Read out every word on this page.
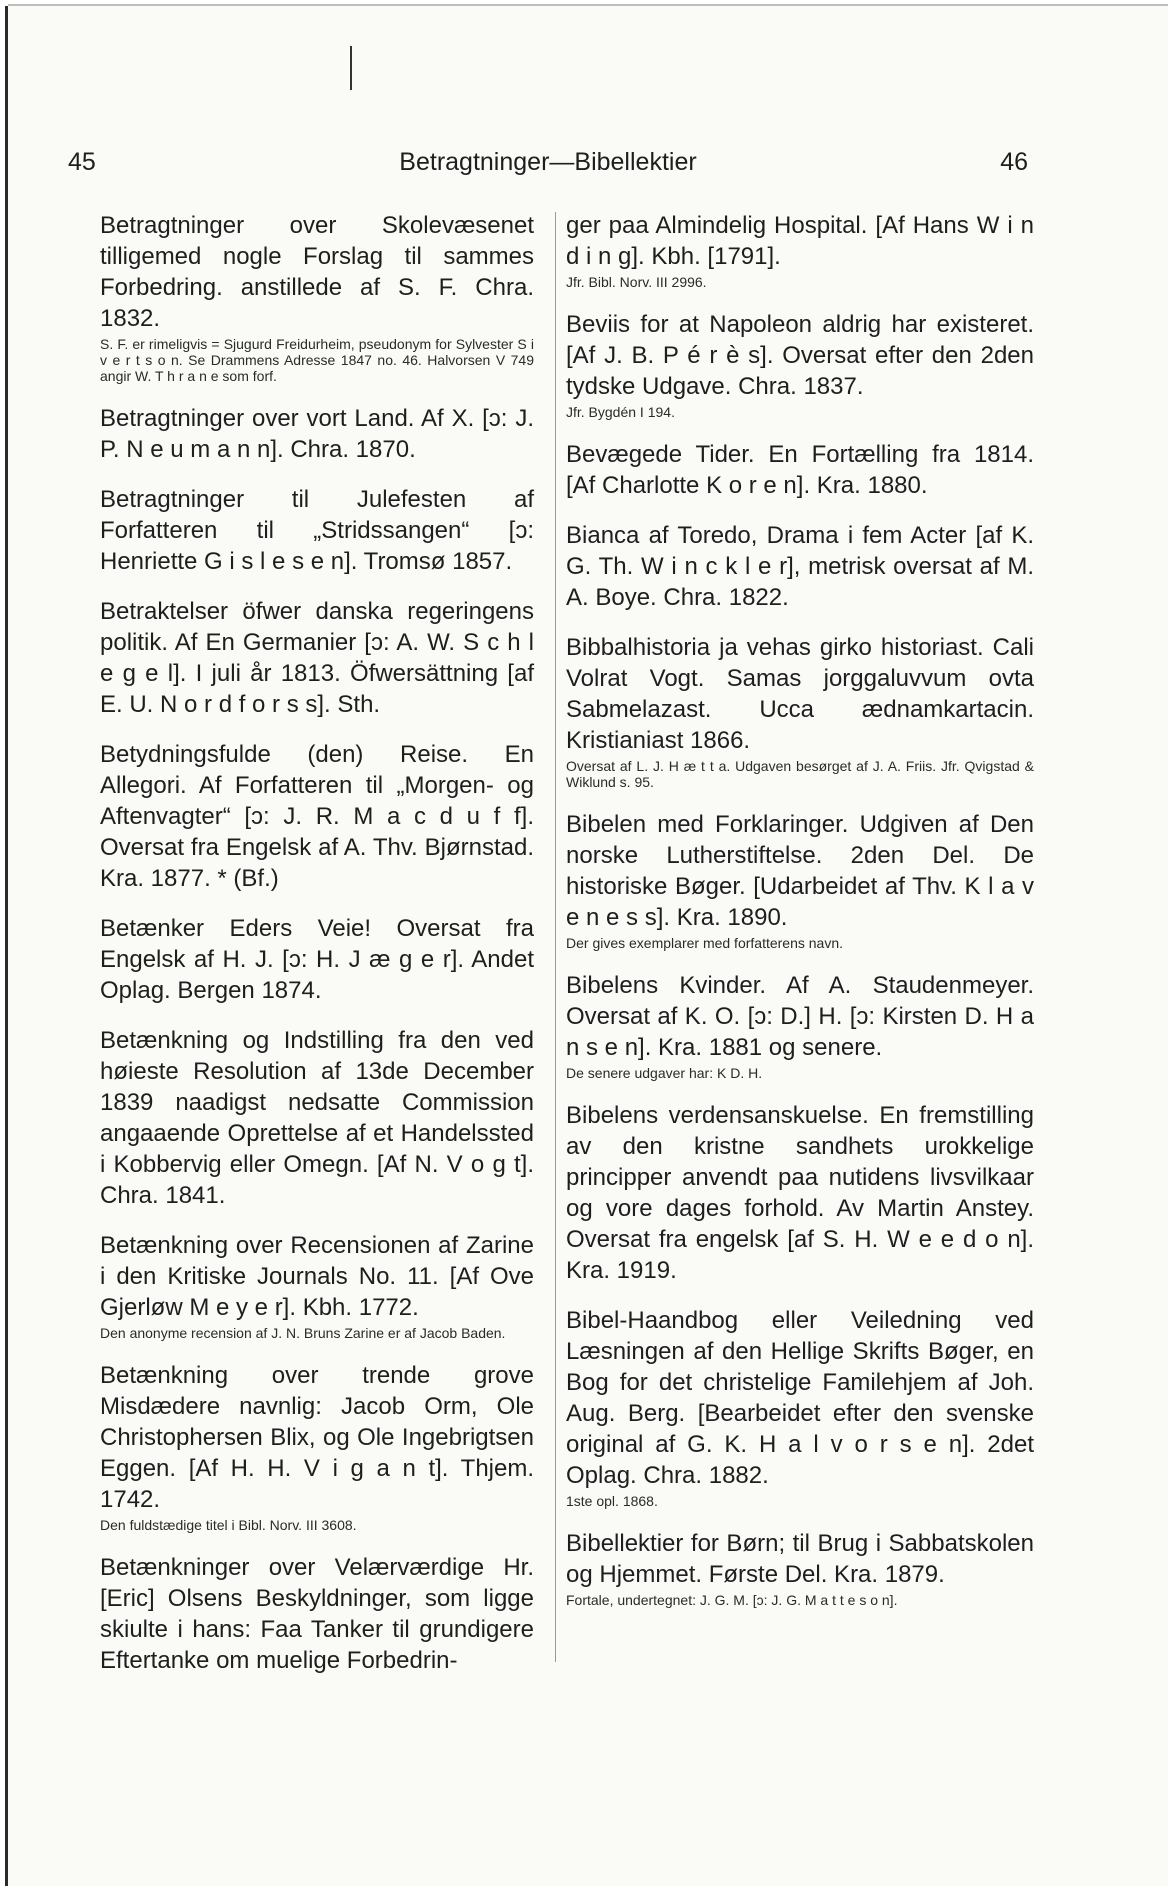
45	Betragtninger—Bibellektier	46

Betragtninger over Skolevæsenet tilligemed nogle Forslag til sammes Forbedring. anstillede af S. F. Chra. 1832.

S. F. er rimeligvis = Sjugurd Freidurheim, pseudonym for Sylvester S i v e r t s o n. Se Drammens Adresse 1847 no. 46. Halvorsen V 749 angir W. T h r a n e som forf.

Betragtninger over vort Land. Af X. [ɔ: J. P. N e u m a n n]. Chra. 1870.

Betragtninger til Julefesten af Forfatteren til „Stridssangen“ [ɔ: Henriette G i s l e s e n]. Tromsø 1857.

Betraktelser öfwer danska regeringens politik. Af En Germanier [ɔ: A. W. S c h l e g e l]. I juli år 1813. Öfwersättning [af E. U. N o r d f o r s s]. Sth.

Betydningsfulde (den) Reise. En Allegori. Af Forfatteren til „Morgen- og Aftenvagter“ [ɔ: J. R. M a c d u f f]. Oversat fra Engelsk af A. Thv. Bjørnstad. Kra. 1877. * (Bf.)

Betænker Eders Veie! Oversat fra Engelsk af H. J. [ɔ: H. J æ g e r]. Andet Oplag. Bergen 1874.

Betænkning og Indstilling fra den ved høieste Resolution af 13de December 1839 naadigst nedsatte Commission angaaende Oprettelse af et Handelssted i Kobbervig eller Omegn. [Af N. V o g t]. Chra. 1841.

Betænkning over Recensionen af Zarine i den Kritiske Journals No. 11. [Af Ove Gjerløw M e y e r]. Kbh. 1772.

Den anonyme recension af J. N. Bruns Zarine er af Jacob Baden.

Betænkning over trende grove Misdædere navnlig: Jacob Orm, Ole Christophersen Blix, og Ole Ingebrigtsen Eggen. [Af H. H. V i g a n t]. Thjem. 1742.

Den fuldstædige titel i Bibl. Norv. III 3608.

Betænkninger over Velærværdige Hr. [Eric] Olsens Beskyldninger, som ligge skiulte i hans: Faa Tanker til grundigere Eftertanke om muelige Forbedrin-

ger paa Almindelig Hospital. [Af Hans W i n d i n g]. Kbh. [1791].

Jfr. Bibl. Norv. III 2996.

Beviis for at Napoleon aldrig har existeret. [Af J. B. P é r è s]. Oversat efter den 2den tydske Udgave. Chra. 1837.

Jfr. Bygdén I 194.

Bevægede Tider. En Fortælling fra 1814. [Af Charlotte K o r e n]. Kra. 1880.

Bianca af Toredo, Drama i fem Acter [af K. G. Th. W i n c k l e r], metrisk oversat af M. A. Boye. Chra. 1822.

Bibbalhistoria ja vehas girko historiast. Cali Volrat Vogt. Samas jorggaluvvum ovta Sabmelazast. Ucca ædnamkartacin. Kristianiast 1866.

Oversat af L. J. H æ t t a. Udgaven besørget af J. A. Friis. Jfr. Qvigstad & Wiklund s. 95.

Bibelen med Forklaringer. Udgiven af Den norske Lutherstiftelse. 2den Del. De historiske Bøger. [Udarbeidet af Thv. K l a v e n e s s]. Kra. 1890.

Der gives exemplarer med forfatterens navn.

Bibelens Kvinder. Af A. Staudenmeyer. Oversat af K. O. [ɔ: D.] H. [ɔ: Kirsten D. H a n s e n]. Kra. 1881 og senere.

De senere udgaver har: K D. H.

Bibelens verdensanskuelse. En fremstilling av den kristne sandhets urokkelige principper anvendt paa nutidens livsvilkaar og vore dages forhold. Av Martin Anstey. Oversat fra engelsk [af S. H. W e e d o n]. Kra. 1919.

Bibel-Haandbog eller Veiledning ved Læsningen af den Hellige Skrifts Bøger, en Bog for det christelige Familehjem af Joh. Aug. Berg. [Bearbeidet efter den svenske original af G. K. H a l v o r s e n]. 2det Oplag. Chra. 1882.

1ste opl. 1868.

Bibellektier for Børn; til Brug i Sabbatskolen og Hjemmet. Første Del. Kra. 1879.

Fortale, undertegnet: J. G. M. [ɔ: J. G. M a t t e s o n].
